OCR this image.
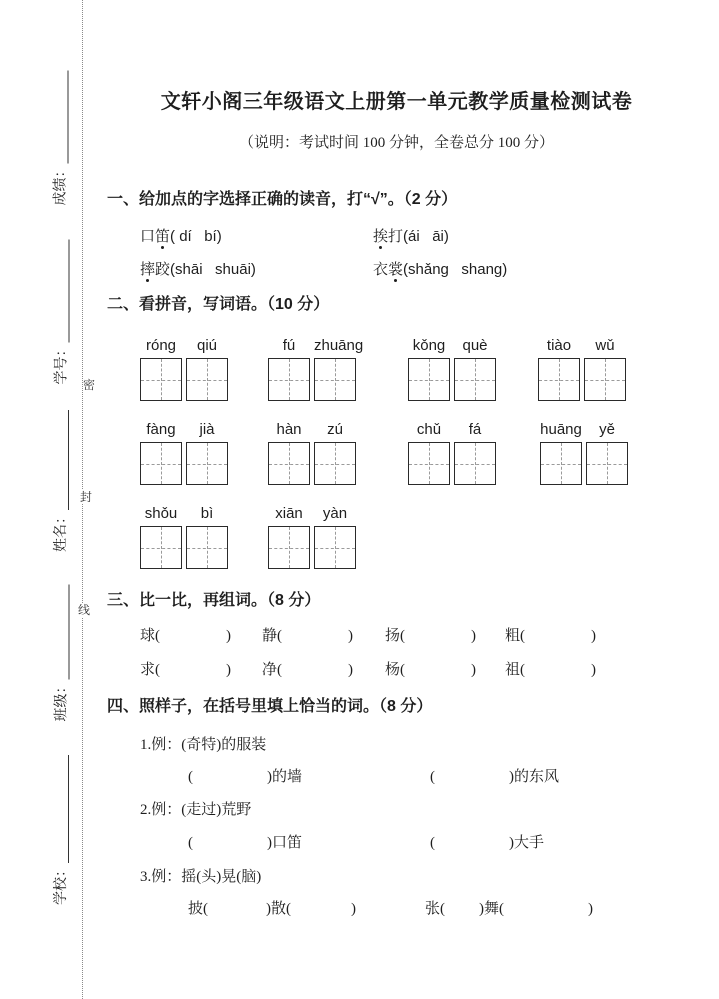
成绩：
学号：
姓名：
班级：
学校：
密
封
线
文轩小阁三年级语文上册第一单元教学质量检测试卷
（说明：考试时间 100 分钟，全卷总分 100 分）
一、给加点的字选择正确的读音，打“√”。（2 分）
口笛( dí   bí)	挨打(ái   āi)
摔跤(shāi   shuāi)	衣裳(shǎng   shang)
二、看拼音，写词语。（10 分）
róng	qiú	fú	zhuāng	kǒng	què	tiào	wǔ
fàng	jià	hàn	zú	chǔ	fá	huāng	yě
shǒu	bì	xiān	yàn
三、比一比，再组词。（8 分）
球(	) 静(	) 扬(	) 粗(	)
求(	) 净(	) 杨(	) 祖(	)
四、照样子，在括号里填上恰当的词。（8 分）
1.例：(奇特)的服装
(	)的墙	(	)的东风
2.例：(走过)荒野
(	)口笛	(	)大手
3.例：摇(头)晃(脑)
披(	)散(	)	张( )舞(	)
